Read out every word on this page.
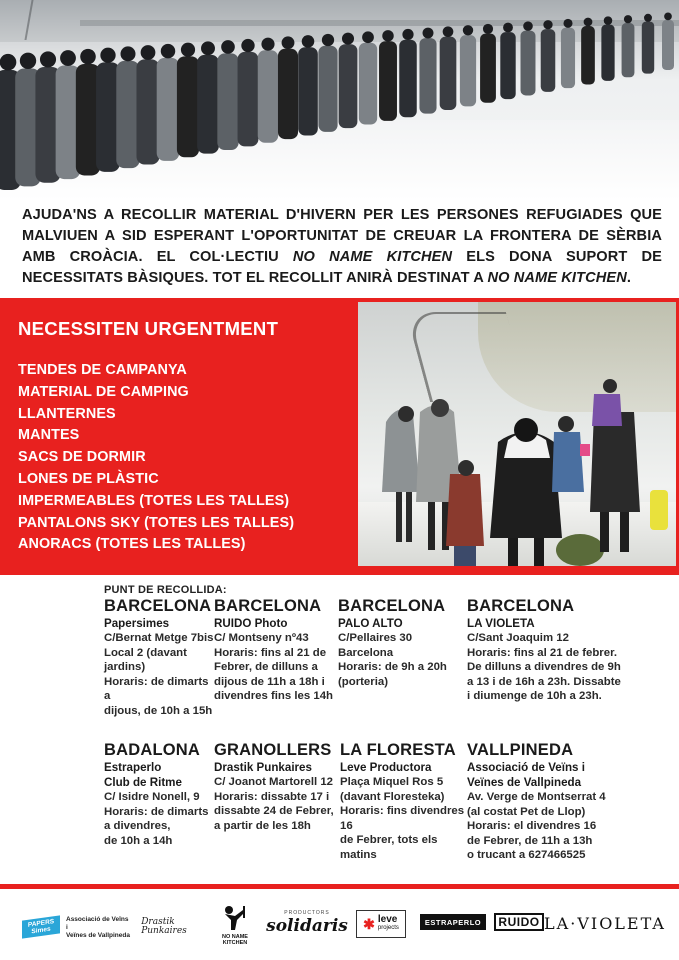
AJUDA'NS A RECOLLIR MATERIAL D'HIVERN PER LES PERSONES REFUGIADES QUE MALVIUEN A SID ESPERANT L'OPORTUNITAT DE CREUAR LA FRONTERA DE SÈRBIA AMB CROÀCIA. EL COL·LECTIU NO NAME KITCHEN ELS DONA SUPORT DE NECESSITATS BÀSIQUES. TOT EL RECOLLIT ANIRÀ DESTINAT A NO NAME KITCHEN.

NECESSITEN URGENTMENT
TENDES DE CAMPANYA
MATERIAL DE CAMPING
LLANTERNES
MANTES
SACS DE DORMIR
LONES DE PLÀSTIC
IMPERMEABLES (TOTES LES TALLES)
PANTALONS SKY (TOTES LES TALLES)
ANORACS (TOTES LES TALLES)
PUNT DE RECOLLIDA:
BARCELONA
Papersimes
C/Bernat Metge 7bis
Local 2 (davant jardins)
Horaris: de dimarts a
dijous, de 10h a 15h
BARCELONA
RUIDO Photo
C/ Montseny nº43
Horaris: fins al 21 de
Febrer, de dilluns a
dijous de 11h a 18h i
divendres fins les 14h
BARCELONA
PALO ALTO
C/Pellaires 30
Barcelona
Horaris: de 9h a 20h
(porteria)
BARCELONA
LA VIOLETA
C/Sant Joaquim 12
Horaris: fins al 21 de febrer.
De dilluns a divendres de 9h
a 13 i de 16h a 23h. Dissabte
i diumenge de 10h a 23h.
BADALONA
Estraperlo
Club de Ritme
C/ Isidre Nonell, 9
Horaris: de dimarts
a divendres,
de 10h a 14h
GRANOLLERS
Drastik Punkaires
C/ Joanot Martorell 12
Horaris: dissabte 17 i
dissabte 24 de Febrer,
a partir de les 18h
LA FLORESTA
Leve Productora
Plaça Miquel Ros 5
(davant Floresteka)
Horaris: fins divendres 16
de Febrer, tots els matins
VALLPINEDA
Associació de Veïns i
Veïnes de Vallpineda
Av. Verge de Montserrat 4
(al costat Pet de Llop)
Horaris: el divendres 16
de Febrer, de 11h a 13h
o trucant a 627466525
PAPERS Simes
Associació de Veïns i
Veïnes de Vallpineda
Drastik
Punkaires
NO NAME
KITCHEN
PRODUCTORS
solidaris ✱ leve
projects
ESTRAPERLO RUIDO LA·VIOLETA
